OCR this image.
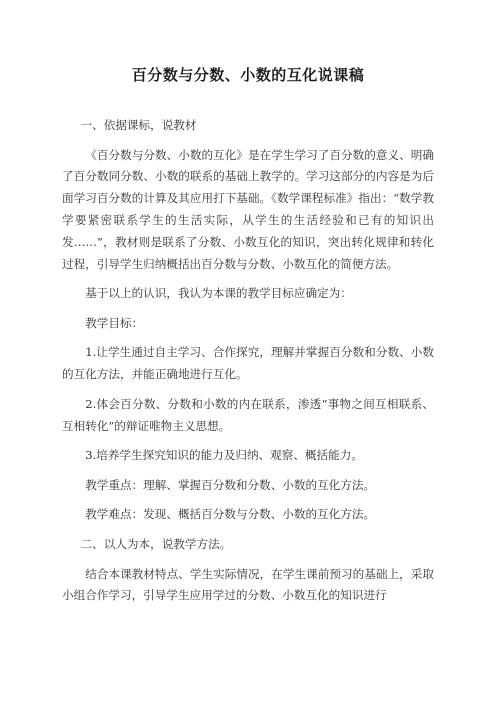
百分数与分数、小数的互化说课稿

一、依据课标，说教材

《百分数与分数、小数的互化》是在学生学习了百分数的意义、明确了百分数同分数、小数的联系的基础上教学的。学习这部分的内容是为后面学习百分数的计算及其应用打下基础。《数学课程标准》指出：“数学教学要紧密联系学生的生活实际，从学生的生活经验和已有的知识出发……”，教材则是联系了分数、小数互化的知识，突出转化规律和转化过程，引导学生归纳概括出百分数与分数、小数互化的简便方法。

基于以上的认识，我认为本课的教学目标应确定为：

教学目标：

1.让学生通过自主学习、合作探究，理解并掌握百分数和分数、小数的互化方法，并能正确地进行互化。

2.体会百分数、分数和小数的内在联系，渗透“事物之间互相联系、互相转化”的辩证唯物主义思想。

3.培养学生探究知识的能力及归纳、观察、概括能力。

教学重点：理解、掌握百分数和分数、小数的互化方法。

教学难点：发现、概括百分数与分数、小数的互化方法。

二、以人为本，说教学方法。

结合本课教材特点、学生实际情况，在学生课前预习的基础上，采取小组合作学习，引导学生应用学过的分数、小数互化的知识进行
